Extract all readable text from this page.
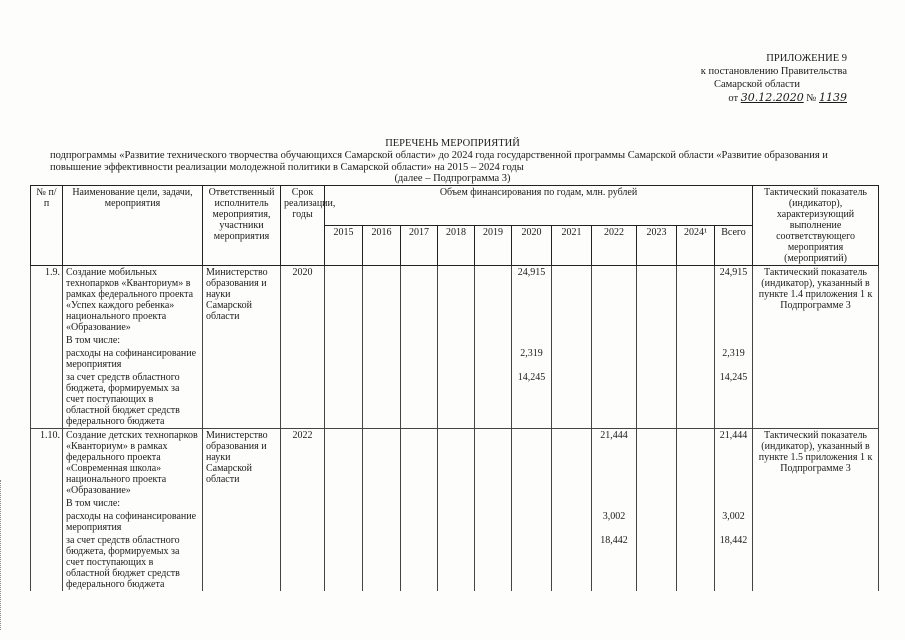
ПРИЛОЖЕНИЕ 9
к постановлению Правительства
Самарской области
от 30.12.2020 № 1139
ПЕРЕЧЕНЬ МЕРОПРИЯТИЙ
подпрограммы «Развитие технического творчества обучающихся Самарской области» до 2024 года государственной программы Самарской области «Развитие образования и повышение эффективности реализации молодежной политики в Самарской области» на 2015 – 2024 годы
(далее – Подпрограмма 3)
№ п/п	Наименование цели, задачи, мероприятия	Ответственный исполнитель мероприятия, участники мероприятия	Срок реализации, годы	Объем финансирования по годам, млн. рублей											Тактический показатель (индикатор), характеризующий выполнение соответствующего мероприятия (мероприятий)
				2015	2016	2017	2018	2019	2020	2021	2022	2023	2024¹	Всего	
1.9.	Создание мобильных технопарков «Кванториум» в рамках федерального проекта «Успех каждого ребенка» национального проекта «Образование»	Министерство образования и науки Самарской области	2020						24,915					24,915	Тактический показатель (индикатор), указанный в пункте 1.4 приложения 1 к Подпрограмме 3
	В том числе:														
	расходы на софинансирование мероприятия								2,319					2,319	
	за счет средств областного бюджета, формируемых за счет поступающих в областной бюджет средств федерального бюджета								14,245					14,245	
1.10.	Создание детских технопарков «Кванториум» в рамках федерального проекта «Современная школа» национального проекта «Образование»	Министерство образования и науки Самарской области	2022								21,444			21,444	Тактический показатель (индикатор), указанный в пункте 1.5 приложения 1 к Подпрограмме 3
	В том числе:														
	расходы на софинансирование мероприятия										3,002			3,002	
	за счет средств областного бюджета, формируемых за счет поступающих в областной бюджет средств федерального бюджета										18,442			18,442	
